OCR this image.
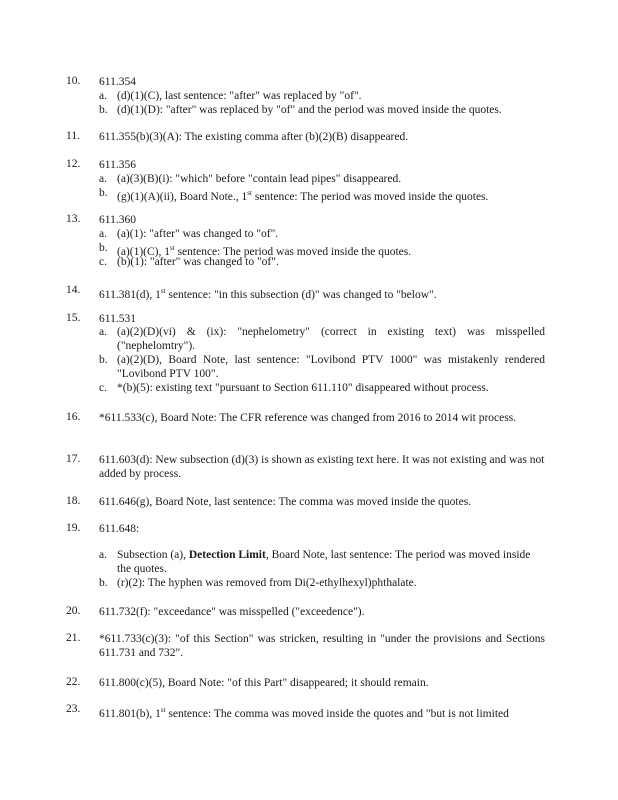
10. 611.354
a. (d)(1)(C), last sentence: "after" was replaced by "of".
b. (d)(1)(D): "after" was replaced by "of" and the period was moved inside the quotes.
11. 611.355(b)(3)(A): The existing comma after (b)(2)(B) disappeared.
12. 611.356
a. (a)(3)(B)(i): "which" before "contain lead pipes" disappeared.
b. (g)(1)(A)(ii), Board Note., 1st sentence: The period was moved inside the quotes.
13. 611.360
a. (a)(1): "after" was changed to "of".
b. (a)(1)(C), 1st sentence: The period was moved inside the quotes.
c. (b)(1): "after" was changed to "of".
14. 611.381(d), 1st sentence: "in this subsection (d)" was changed to "below".
15. 611.531
a. (a)(2)(D)(vi) & (ix): "nephelometry" (correct in existing text) was misspelled ("nephelomtry").
b. (a)(2)(D), Board Note, last sentence: "Lovibond PTV 1000" was mistakenly rendered "Lovibond PTV 100".
c. *(b)(5): existing text "pursuant to Section 611.110" disappeared without process.
16. *611.533(c), Board Note: The CFR reference was changed from 2016 to 2014 wit process.
17. 611.603(d): New subsection (d)(3) is shown as existing text here. It was not existing and was not added by process.
18. 611.646(g), Board Note, last sentence: The comma was moved inside the quotes.
19. 611.648:
a. Subsection (a), Detection Limit, Board Note, last sentence: The period was moved inside the quotes.
b. (r)(2): The hyphen was removed from Di(2-ethylhexyl)phthalate.
20. 611.732(f): "exceedance" was misspelled ("exceedence").
21. *611.733(c)(3): "of this Section" was stricken, resulting in "under the provisions and Sections 611.731 and 732".
22. 611.800(c)(5), Board Note: "of this Part" disappeared; it should remain.
23. 611.801(b), 1st sentence: The comma was moved inside the quotes and "but is not limited
